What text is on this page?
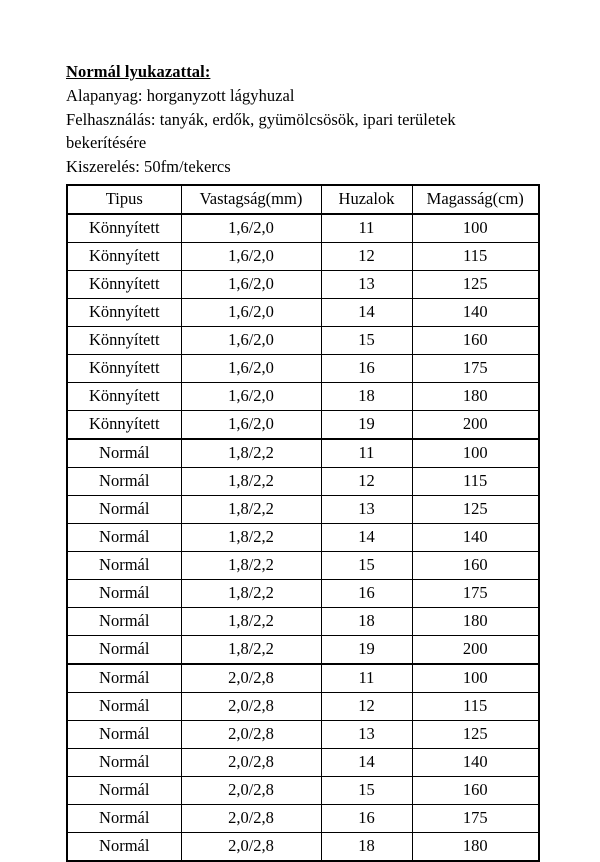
Normál lyukazattal:
Alapanyag: horganyzott lágyhuzal
Felhasználás: tanyák, erdők, gyümölcsösök, ipari területek bekerítésére
Kiszerelés: 50fm/tekercs
Tipus	Vastagság(mm)	Huzalok	Magasság(cm)
Könnyített	1,6/2,0	11	100
Könnyített	1,6/2,0	12	115
Könnyített	1,6/2,0	13	125
Könnyített	1,6/2,0	14	140
Könnyített	1,6/2,0	15	160
Könnyített	1,6/2,0	16	175
Könnyített	1,6/2,0	18	180
Könnyített	1,6/2,0	19	200
Normál	1,8/2,2	11	100
Normál	1,8/2,2	12	115
Normál	1,8/2,2	13	125
Normál	1,8/2,2	14	140
Normál	1,8/2,2	15	160
Normál	1,8/2,2	16	175
Normál	1,8/2,2	18	180
Normál	1,8/2,2	19	200
Normál	2,0/2,8	11	100
Normál	2,0/2,8	12	115
Normál	2,0/2,8	13	125
Normál	2,0/2,8	14	140
Normál	2,0/2,8	15	160
Normál	2,0/2,8	16	175
Normál	2,0/2,8	18	180
